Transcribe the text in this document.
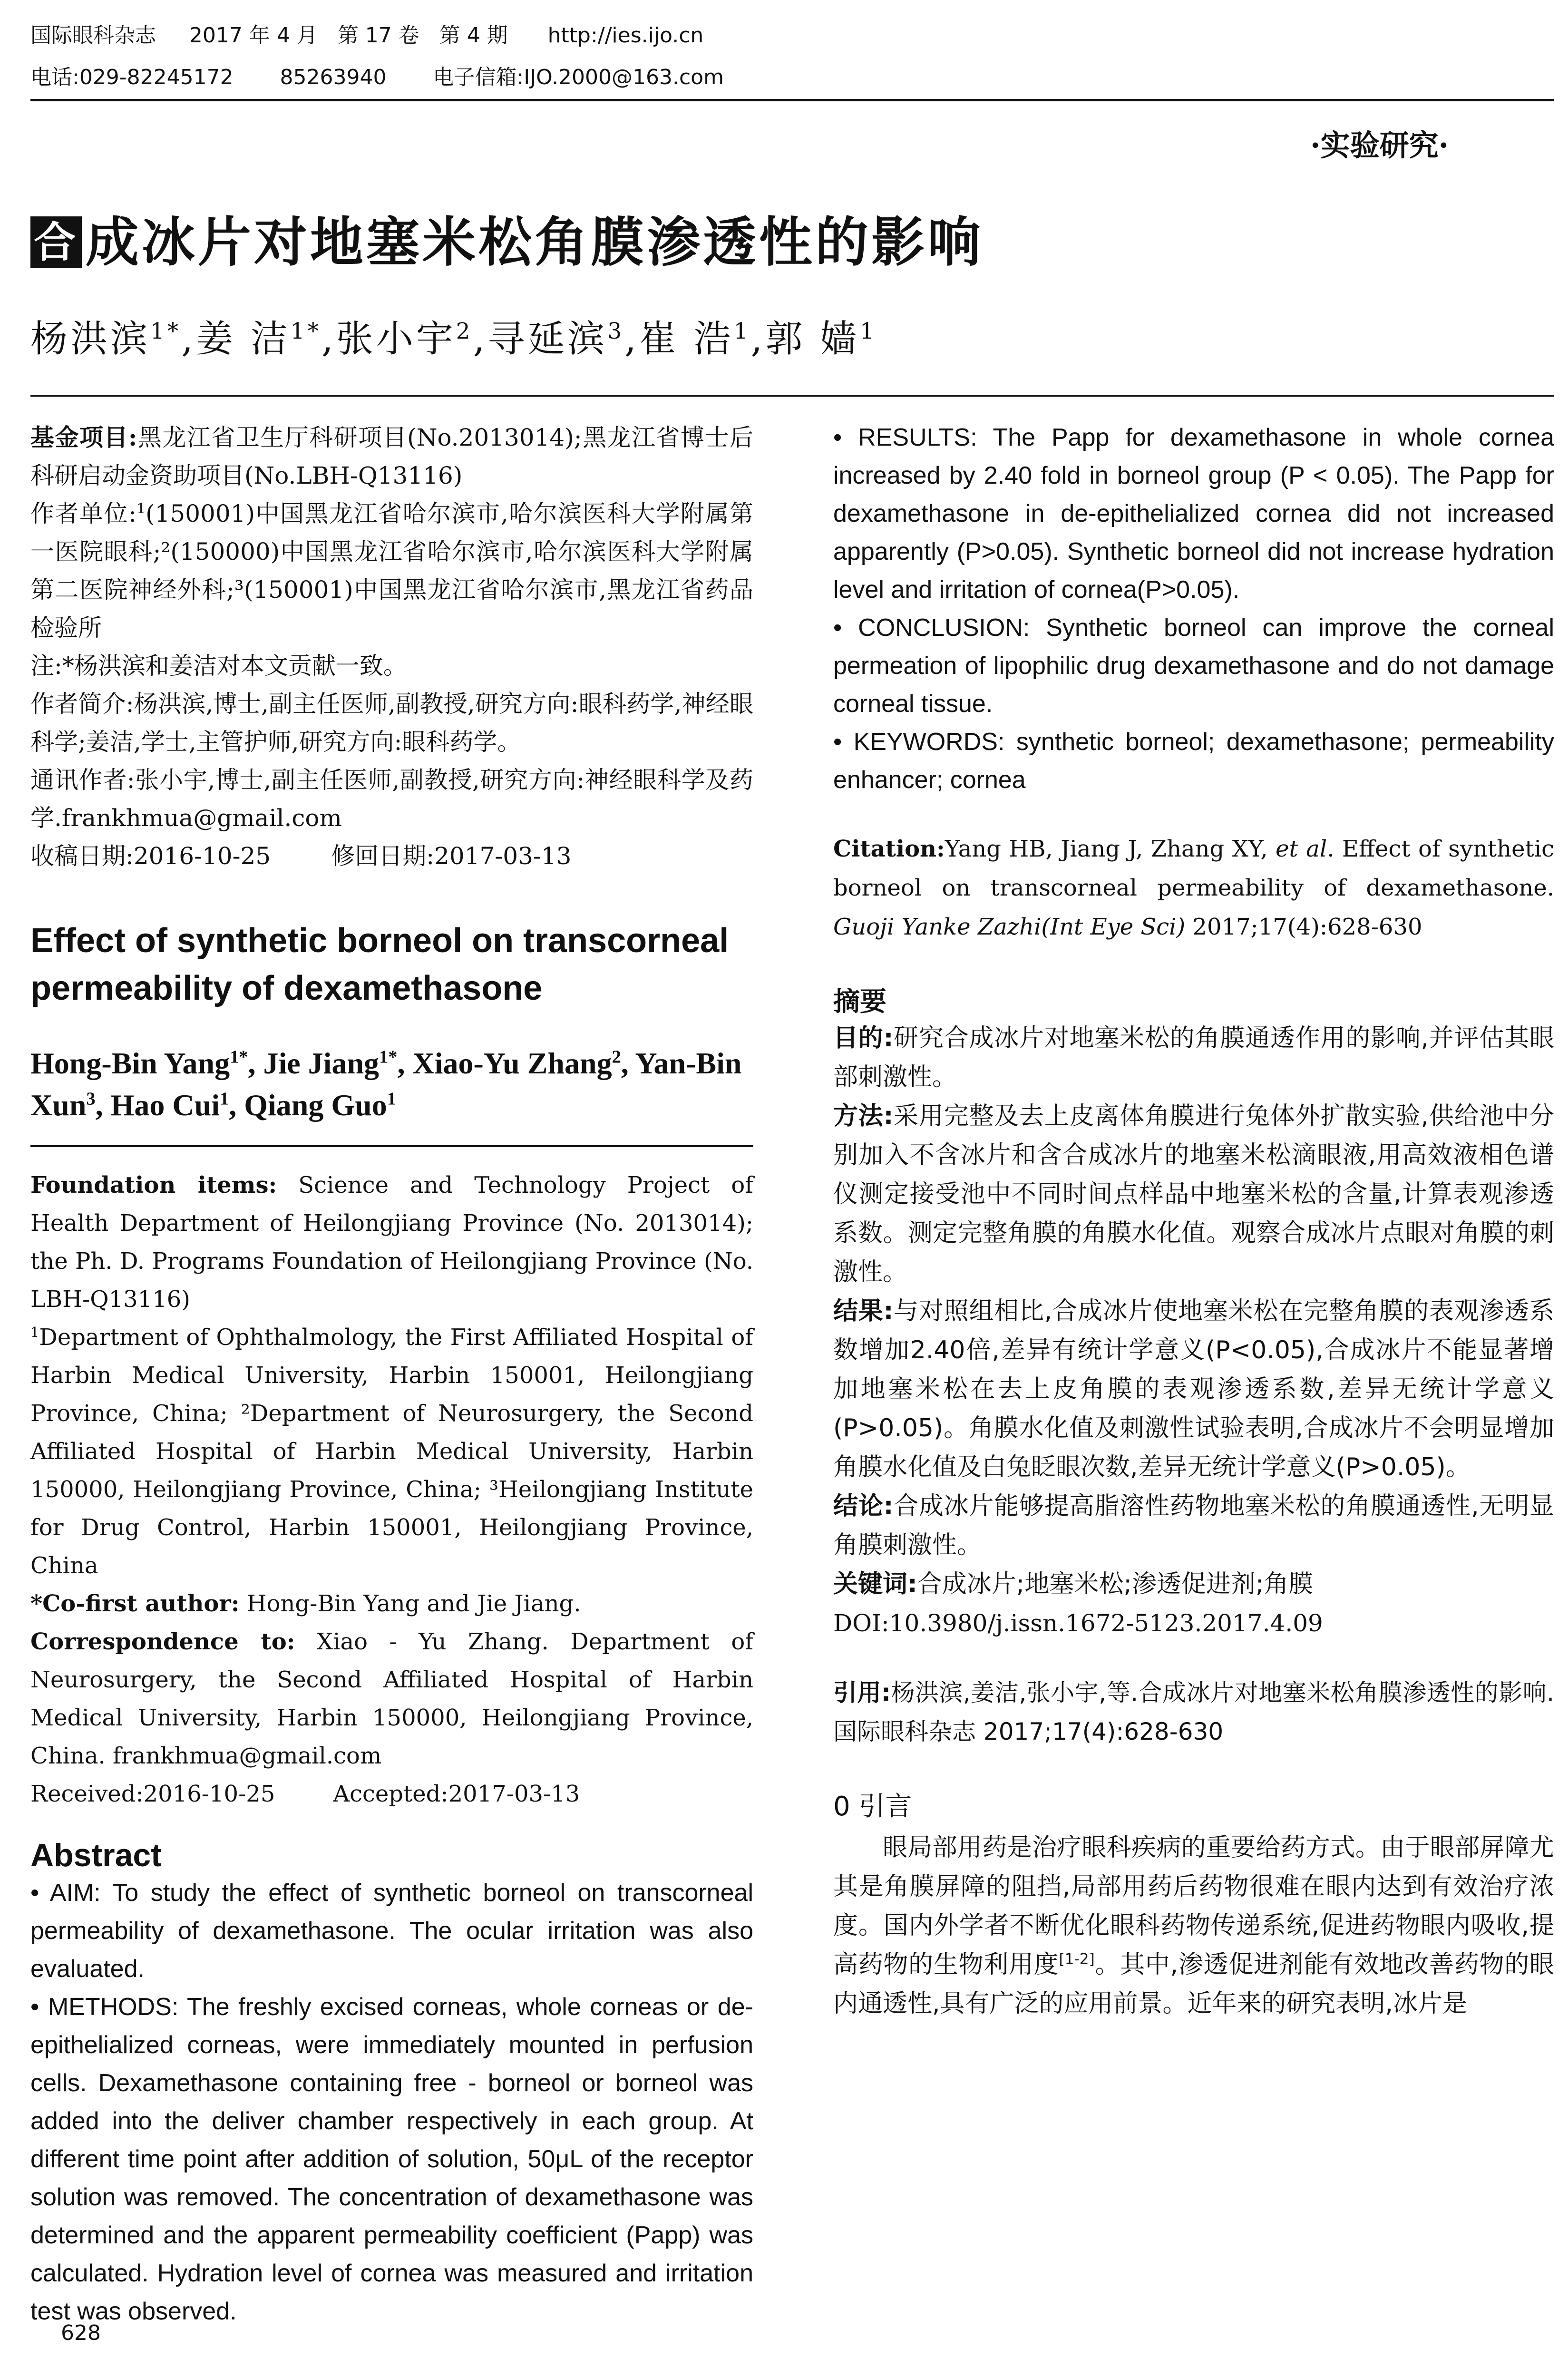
国际眼科杂志     2017 年 4 月   第 17 卷   第 4 期      http://ies.ijo.cn
电话:029-82245172       85263940       电子信箱:IJO.2000@163.com
·实验研究·
合 成冰片对地塞米松角膜渗透性的影响
杨洪滨$^{1*}$,姜 洁$^{1*}$,张小宇$^2$,寻延滨$^3$,崔 浩$^1$,郭 嫱$^1$
基金项目:黑龙江省卫生厅科研项目(No.2013014);黑龙江省博士后科研启动金资助项目(No.LBH-Q13116)
作者单位:$^1$(150001)中国黑龙江省哈尔滨市,哈尔滨医科大学附属第一医院眼科;²(150000)中国黑龙江省哈尔滨市,哈尔滨医科大学附属第二医院神经外科;³(150001)中国黑龙江省哈尔滨市,黑龙江省药品检验所
注:*杨洪滨和姜洁对本文贡献一致。
作者简介:杨洪滨,博士,副主任医师,副教授,研究方向:眼科药学,神经眼科学;姜洁,学士,主管护师,研究方向:眼科药学。
通讯作者:张小宇,博士,副主任医师,副教授,研究方向:神经眼科学及药学.frankhmua@gmail.com
收稿日期:2016-10-25        修回日期:2017-03-13
Effect of synthetic borneol on transcorneal permeability of dexamethasone
Hong-Bin Yang$^{1*}$, Jie Jiang$^{1*}$, Xiao-Yu Zhang$^2$, Yan-Bin Xun$^3$, Hao Cui$^1$, Qiang Guo$^1$
Foundation items: Science and Technology Project of Health Department of Heilongjiang Province (No. 2013014); the Ph. D. Programs Foundation of Heilongjiang Province (No. LBH-Q13116)
$^1$Department of Ophthalmology, the First Affiliated Hospital of Harbin Medical University, Harbin 150001, Heilongjiang Province, China; ²Department of Neurosurgery, the Second Affiliated Hospital of Harbin Medical University, Harbin 150000, Heilongjiang Province, China; ³Heilongjiang Institute for Drug Control, Harbin 150001, Heilongjiang Province, China
*Co-first author: Hong-Bin Yang and Jie Jiang.
Correspondence to: Xiao - Yu Zhang. Department of Neurosurgery, the Second Affiliated Hospital of Harbin Medical University, Harbin 150000, Heilongjiang Province, China. frankhmua@gmail.com
Received:2016-10-25        Accepted:2017-03-13
Abstract
• AIM: To study the effect of synthetic borneol on transcorneal permeability of dexamethasone. The ocular irritation was also evaluated.
• METHODS: The freshly excised corneas, whole corneas or de-epithelialized corneas, were immediately mounted in perfusion cells. Dexamethasone containing free - borneol or borneol was added into the deliver chamber respectively in each group. At different time point after addition of solution, 50μL of the receptor solution was removed. The concentration of dexamethasone was determined and the apparent permeability coefficient (Papp) was calculated. Hydration level of cornea was measured and irritation test was observed.
• RESULTS: The Papp for dexamethasone in whole cornea increased by 2.40 fold in borneol group (P < 0.05). The Papp for dexamethasone in de-epithelialized cornea did not increased apparently (P>0.05). Synthetic borneol did not increase hydration level and irritation of cornea(P>0.05).
• CONCLUSION: Synthetic borneol can improve the corneal permeation of lipophilic drug dexamethasone and do not damage corneal tissue.
• KEYWORDS: synthetic borneol; dexamethasone; permeability enhancer; cornea
Citation:Yang HB, Jiang J, Zhang XY, et al. Effect of synthetic borneol on transcorneal permeability of dexamethasone. Guoji Yanke Zazhi(Int Eye Sci) 2017;17(4):628-630
摘要
目的:研究合成冰片对地塞米松的角膜通透作用的影响,并评估其眼部刺激性。
方法:采用完整及去上皮离体角膜进行兔体外扩散实验,供给池中分别加入不含冰片和含合成冰片的地塞米松滴眼液,用高效液相色谱仪测定接受池中不同时间点样品中地塞米松的含量,计算表观渗透系数。测定完整角膜的角膜水化值。观察合成冰片点眼对角膜的刺激性。
结果:与对照组相比,合成冰片使地塞米松在完整角膜的表观渗透系数增加2.40倍,差异有统计学意义(P<0.05),合成冰片不能显著增加地塞米松在去上皮角膜的表观渗透系数,差异无统计学意义(P>0.05)。角膜水化值及刺激性试验表明,合成冰片不会明显增加角膜水化值及白兔眨眼次数,差异无统计学意义(P>0.05)。
结论:合成冰片能够提高脂溶性药物地塞米松的角膜通透性,无明显角膜刺激性。
关键词:合成冰片;地塞米松;渗透促进剂;角膜
DOI:10.3980/j.issn.1672-5123.2017.4.09
引用:杨洪滨,姜洁,张小宇,等.合成冰片对地塞米松角膜渗透性的影响.国际眼科杂志 2017;17(4):628-630
0 引言
眼局部用药是治疗眼科疾病的重要给药方式。由于眼部屏障尤其是角膜屏障的阻挡,局部用药后药物很难在眼内达到有效治疗浓度。国内外学者不断优化眼科药物传递系统,促进药物眼内吸收,提高药物的生物利用度[1-2]。其中,渗透促进剂能有效地改善药物的眼内通透性,具有广泛的应用前景。近年来的研究表明,冰片是
628
